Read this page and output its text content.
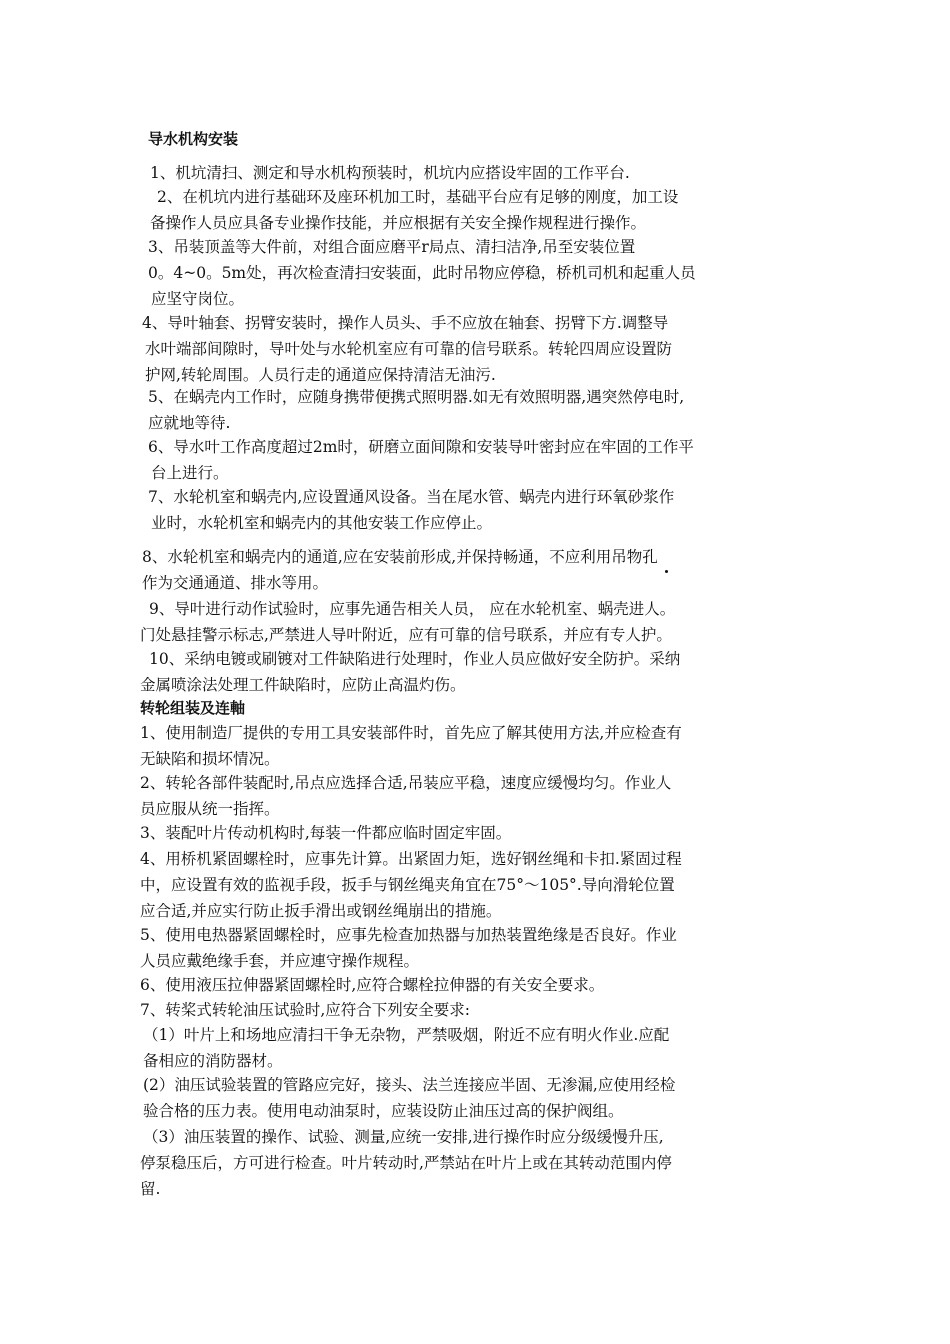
导水机构安装
1、机坑清扫、测定和导水机构预装时，机坑内应搭设牢固的工作平台.
2、在机坑内进行基础环及座环机加工时，基础平台应有足够的刚度，加工设
备操作人员应具备专业操作技能，并应根据有关安全操作规程进行操作。
3、吊装顶盖等大件前，对组合面应磨平r局点、清扫洁净,吊至安装位置
0。4~0。5m处，再次检查清扫安装面，此时吊物应停稳，桥机司机和起重人员
应坚守岗位。
4、导叶轴套、拐臂安装时，操作人员头、手不应放在轴套、拐臂下方.调整导
水叶端部间隙时，导叶处与水轮机室应有可靠的信号联系。转轮四周应设置防
护网,转轮周围。人员行走的通道应保持清洁无油污.
5、在蜗壳内工作时，应随身携带便携式照明器.如无有效照明器,遇突然停电时,
应就地等待.
6、导水叶工作高度超过2m时，研磨立面间隙和安装导叶密封应在牢固的工作平
台上进行。
7、水轮机室和蜗壳内,应设置通风设备。当在尾水管、蜗壳内进行环氧砂浆作
业时，水轮机室和蜗壳内的其他安装工作应停止。
8、水轮机室和蜗壳内的通道,应在安装前形成,并保持畅通，不应利用吊物孔
作为交通通道、排水等用。
9、导叶进行动作试验时，应事先通告相关人员， 应在水轮机室、蜗壳进人。
门处悬挂警示标志,严禁进人导叶附近，应有可靠的信号联系，并应有专人护。
10、采纳电镀或刷镀对工件缺陷进行处理时，作业人员应做好安全防护。采纳
金属喷涂法处理工件缺陷时，应防止高温灼伤。
转轮组装及连軸
1、使用制造厂提供的专用工具安装部件时，首先应了解其使用方法,并应检查有
无缺陷和损坏情况。
2、转轮各部件装配时,吊点应选择合适,吊装应平稳，速度应缓慢均匀。作业人
员应服从统一指挥。
3、装配叶片传动机构时,每装一件都应临时固定牢固。
4、用桥机紧固螺栓时，应事先计算。出紧固力矩，选好钢丝绳和卡扣.紧固过程
中，应设置有效的监视手段，扳手与钢丝绳夹角宜在75°～105°.导向滑轮位置
应合适,并应实行防止扳手滑出或钢丝绳崩出的措施。
5、使用电热器紧固螺栓时，应事先检查加热器与加热装置绝缘是否良好。作业
人员应戴绝缘手套，并应連守操作规程。
6、使用液压拉伸器紧固螺栓时,应符合螺栓拉伸器的有关安全要求。
7、转桨式转轮油压试验时,应符合下列安全要求:
（1）叶片上和场地应清扫干争无杂物，严禁吸烟，附近不应有明火作业.应配
备相应的消防器材。
(2）油压试验装置的管路应完好，接头、法兰连接应半固、无渗漏,应使用经检
验合格的压力表。使用电动油泵时，应装设防止油压过高的保护阀组。
（3）油压装置的操作、试验、测量,应统一安排,进行操作时应分级缓慢升压,
停泵稳压后，方可进行检查。叶片转动时,严禁站在叶片上或在其转动范围内停
留.
